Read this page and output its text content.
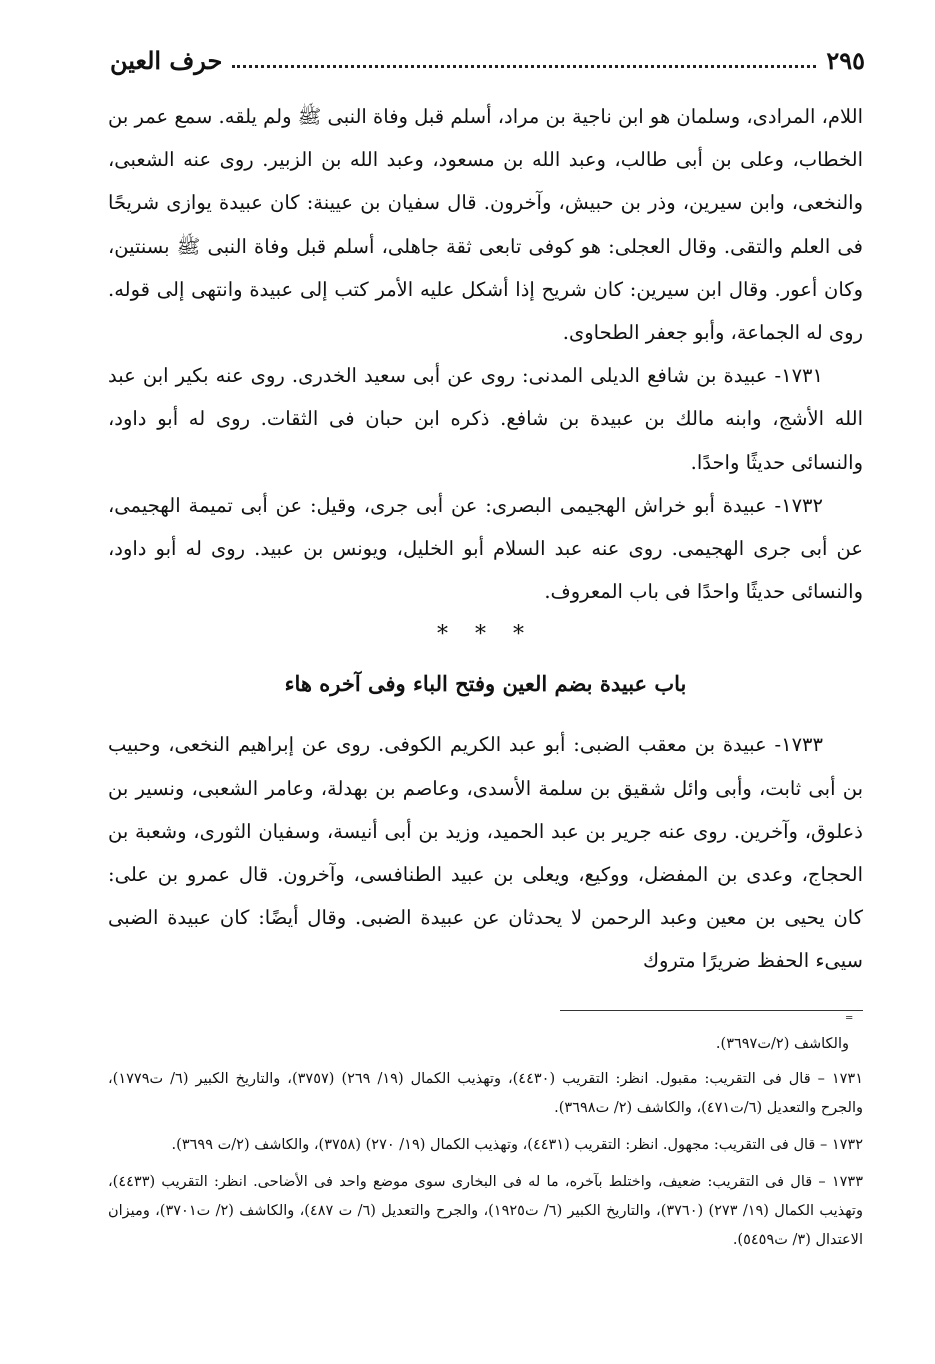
حرف العين	٢٩٥

اللام، المرادى، وسلمان هو ابن ناجية بن مراد، أسلم قبل وفاة النبى ﷺ ولم يلقه. سمع عمر بن الخطاب، وعلى بن أبى طالب، وعبد الله بن مسعود، وعبد الله بن الزبير. روى عنه الشعبى، والنخعى، وابن سيرين، وذر بن حبيش، وآخرون. قال سفيان بن عيينة: كان عبيدة يوازى شريحًا فى العلم والتقى. وقال العجلى: هو كوفى تابعى ثقة جاهلى، أسلم قبل وفاة النبى ﷺ بسنتين، وكان أعور. وقال ابن سيرين: كان شريح إذا أشكل عليه الأمر كتب إلى عبيدة وانتهى إلى قوله. روى له الجماعة، وأبو جعفر الطحاوى.

١٧٣١- عبيدة بن شافع الديلى المدنى: روى عن أبى سعيد الخدرى. روى عنه بكير ابن عبد الله الأشج، وابنه مالك بن عبيدة بن شافع. ذكره ابن حبان فى الثقات. روى له أبو داود، والنسائى حديثًا واحدًا.

١٧٣٢- عبيدة أبو خراش الهجيمى البصرى: عن أبى جرى، وقيل: عن أبى تميمة الهجيمى، عن أبى جرى الهجيمى. روى عنه عبد السلام أبو الخليل، ويونس بن عبيد. روى له أبو داود، والنسائى حديثًا واحدًا فى باب المعروف.

* * *
باب عبيدة بضم العين وفتح الباء وفى آخره هاء

١٧٣٣- عبيدة بن معقب الضبى: أبو عبد الكريم الكوفى. روى عن إبراهيم النخعى، وحبيب بن أبى ثابت، وأبى وائل شقيق بن سلمة الأسدى، وعاصم بن بهدلة، وعامر الشعبى، ونسير بن ذعلوق، وآخرين. روى عنه جرير بن عبد الحميد، وزيد بن أبى أنيسة، وسفيان الثورى، وشعبة بن الحجاج، وعدى بن المفضل، ووكيع، ويعلى بن عبيد الطنافسى، وآخرون. قال عمرو بن على: كان يحيى بن معين وعبد الرحمن لا يحدثان عن عبيدة الضبى. وقال أيضًا: كان عبيدة الضبى سيىء الحفظ ضريرًا متروك

=

والكاشف (٢/ت٣٦٩٧).

١٧٣١ – قال فى التقريب: مقبول. انظر: التقريب (٤٤٣٠)، وتهذيب الكمال (١٩/ ٢٦٩) (٣٧٥٧)، والتاريخ الكبير (٦/ ت١٧٧٩)، والجرح والتعديل (٦/ت٤٧١)، والكاشف (٢/ ت٣٦٩٨).

١٧٣٢ – قال فى التقريب: مجهول. انظر: التقريب (٤٤٣١)، وتهذيب الكمال (١٩/ ٢٧٠) (٣٧٥٨)، والكاشف (٢/ت ٣٦٩٩).

١٧٣٣ – قال فى التقريب: ضعيف، واختلط بآخره، ما له فى البخارى سوى موضع واحد فى الأضاحى. انظر: التقريب (٤٤٣٣)، وتهذيب الكمال (١٩/ ٢٧٣) (٣٧٦٠)، والتاريخ الكبير (٦/ ت١٩٢٥)، والجرح والتعديل (٦/ ت ٤٨٧)، والكاشف (٢/ ت٣٧٠١)، وميزان الاعتدال (٣/ ت٥٤٥٩).
